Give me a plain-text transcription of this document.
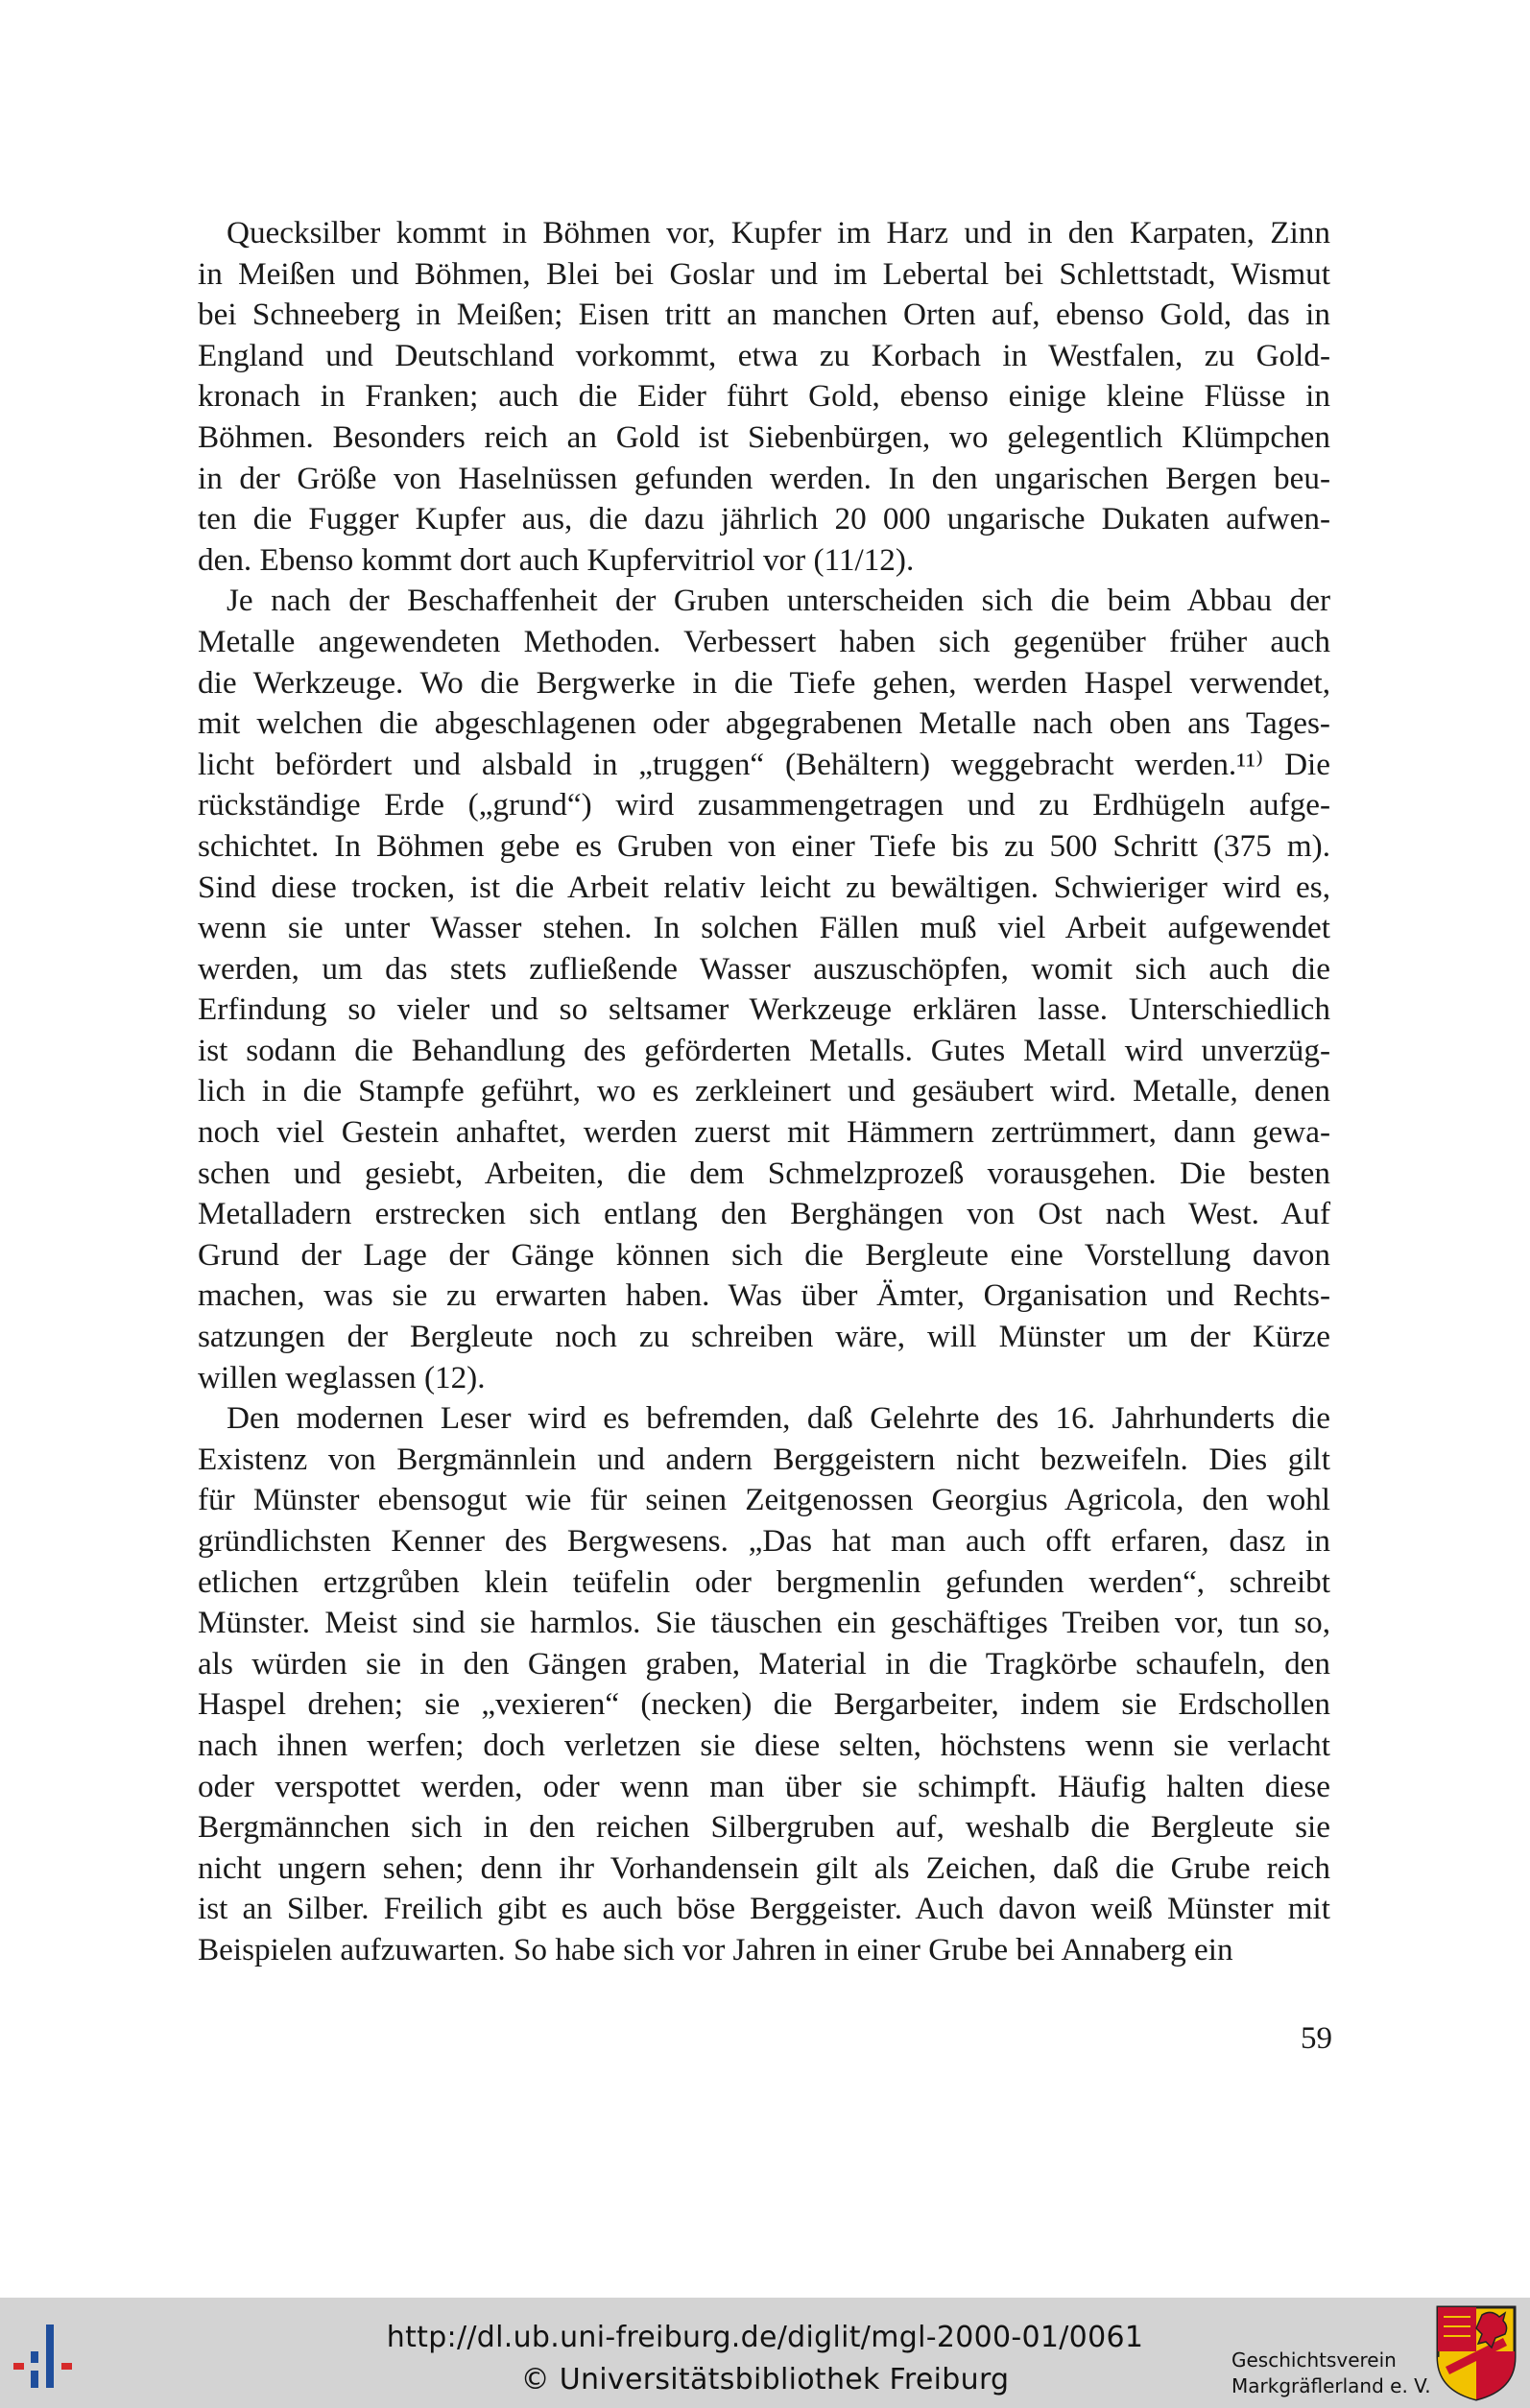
Quecksilber kommt in Böhmen vor, Kupfer im Harz und in den Karpaten, Zinn
in Meißen und Böhmen, Blei bei Goslar und im Lebertal bei Schlettstadt, Wismut
bei Schneeberg in Meißen; Eisen tritt an manchen Orten auf, ebenso Gold, das in
England und Deutschland vorkommt, etwa zu Korbach in Westfalen, zu Gold-
kronach in Franken; auch die Eider führt Gold, ebenso einige kleine Flüsse in
Böhmen. Besonders reich an Gold ist Siebenbürgen, wo gelegentlich Klümpchen
in der Größe von Haselnüssen gefunden werden. In den ungarischen Bergen beu-
ten die Fugger Kupfer aus, die dazu jährlich 20 000 ungarische Dukaten aufwen-
den. Ebenso kommt dort auch Kupfervitriol vor (11/12).

Je nach der Beschaffenheit der Gruben unterscheiden sich die beim Abbau der
Metalle angewendeten Methoden. Verbessert haben sich gegenüber früher auch
die Werkzeuge. Wo die Bergwerke in die Tiefe gehen, werden Haspel verwendet,
mit welchen die abgeschlagenen oder abgegrabenen Metalle nach oben ans Tages-
licht befördert und alsbald in „truggen“ (Behältern) weggebracht werden.¹¹⁾ Die
rückständige Erde („grund“) wird zusammengetragen und zu Erdhügeln aufge-
schichtet. In Böhmen gebe es Gruben von einer Tiefe bis zu 500 Schritt (375 m).
Sind diese trocken, ist die Arbeit relativ leicht zu bewältigen. Schwieriger wird es,
wenn sie unter Wasser stehen. In solchen Fällen muß viel Arbeit aufgewendet
werden, um das stets zufließende Wasser auszuschöpfen, womit sich auch die
Erfindung so vieler und so seltsamer Werkzeuge erklären lasse. Unterschiedlich
ist sodann die Behandlung des geförderten Metalls. Gutes Metall wird unverzüg-
lich in die Stampfe geführt, wo es zerkleinert und gesäubert wird. Metalle, denen
noch viel Gestein anhaftet, werden zuerst mit Hämmern zertrümmert, dann gewa-
schen und gesiebt, Arbeiten, die dem Schmelzprozeß vorausgehen. Die besten
Metalladern erstrecken sich entlang den Berghängen von Ost nach West. Auf
Grund der Lage der Gänge können sich die Bergleute eine Vorstellung davon
machen, was sie zu erwarten haben. Was über Ämter, Organisation und Rechts-
satzungen der Bergleute noch zu schreiben wäre, will Münster um der Kürze
willen weglassen (12).

Den modernen Leser wird es befremden, daß Gelehrte des 16. Jahrhunderts die
Existenz von Bergmännlein und andern Berggeistern nicht bezweifeln. Dies gilt
für Münster ebensogut wie für seinen Zeitgenossen Georgius Agricola, den wohl
gründlichsten Kenner des Bergwesens. „Das hat man auch offt erfaren, dasz in
etlichen ertzgrůben klein teüfelin oder bergmenlin gefunden werden“, schreibt
Münster. Meist sind sie harmlos. Sie täuschen ein geschäftiges Treiben vor, tun so,
als würden sie in den Gängen graben, Material in die Tragkörbe schaufeln, den
Haspel drehen; sie „vexieren“ (necken) die Bergarbeiter, indem sie Erdschollen
nach ihnen werfen; doch verletzen sie diese selten, höchstens wenn sie verlacht
oder verspottet werden, oder wenn man über sie schimpft. Häufig halten diese
Bergmännchen sich in den reichen Silbergruben auf, weshalb die Bergleute sie
nicht ungern sehen; denn ihr Vorhandensein gilt als Zeichen, daß die Grube reich
ist an Silber. Freilich gibt es auch böse Berggeister. Auch davon weiß Münster mit
Beispielen aufzuwarten. So habe sich vor Jahren in einer Grube bei Annaberg ein

59
http://dl.ub.uni-freiburg.de/diglit/mgl-2000-01/0061
© Universitätsbibliothek Freiburg
Geschichtsverein
Markgräflerland e. V.
